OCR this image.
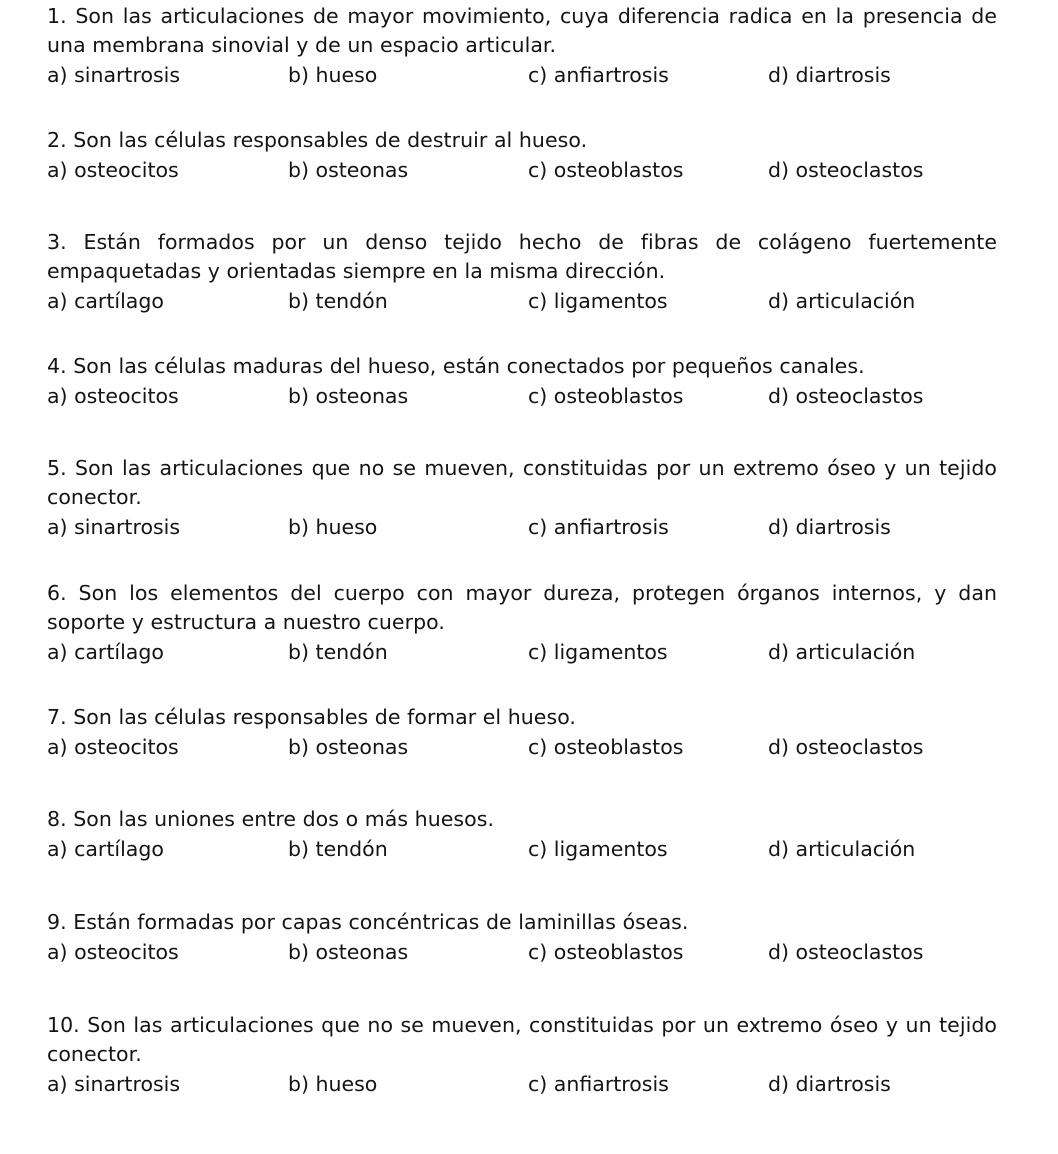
1. Son las articulaciones de mayor movimiento, cuya diferencia radica en la presencia de una membrana sinovial y de un espacio articular.

a) sinartrosis	b) hueso	c) anfiartrosis	d) diartrosis

2. Son las células responsables de destruir al hueso.

a) osteocitos	b) osteonas	c) osteoblastos	d) osteoclastos

3. Están formados por un denso tejido hecho de fibras de colágeno fuertemente empaquetadas y orientadas siempre en la misma dirección.

a) cartílago	b) tendón	c) ligamentos	d) articulación

4. Son las células maduras del hueso, están conectados por pequeños canales.

a) osteocitos	b) osteonas	c) osteoblastos	d) osteoclastos

5. Son las articulaciones que no se mueven, constituidas por un extremo óseo y un tejido conector.

a) sinartrosis	b) hueso	c) anfiartrosis	d) diartrosis

6. Son los elementos del cuerpo con mayor dureza, protegen órganos internos, y dan soporte y estructura a nuestro cuerpo.

a) cartílago	b) tendón	c) ligamentos	d) articulación

7. Son las células responsables de formar el hueso.

a) osteocitos	b) osteonas	c) osteoblastos	d) osteoclastos

8. Son las uniones entre dos o más huesos.

a) cartílago	b) tendón	c) ligamentos	d) articulación

9. Están formadas por capas concéntricas de laminillas óseas.

a) osteocitos	b) osteonas	c) osteoblastos	d) osteoclastos

10. Son las articulaciones que no se mueven, constituidas por un extremo óseo y un tejido conector.

a) sinartrosis	b) hueso	c) anfiartrosis	d) diartrosis
